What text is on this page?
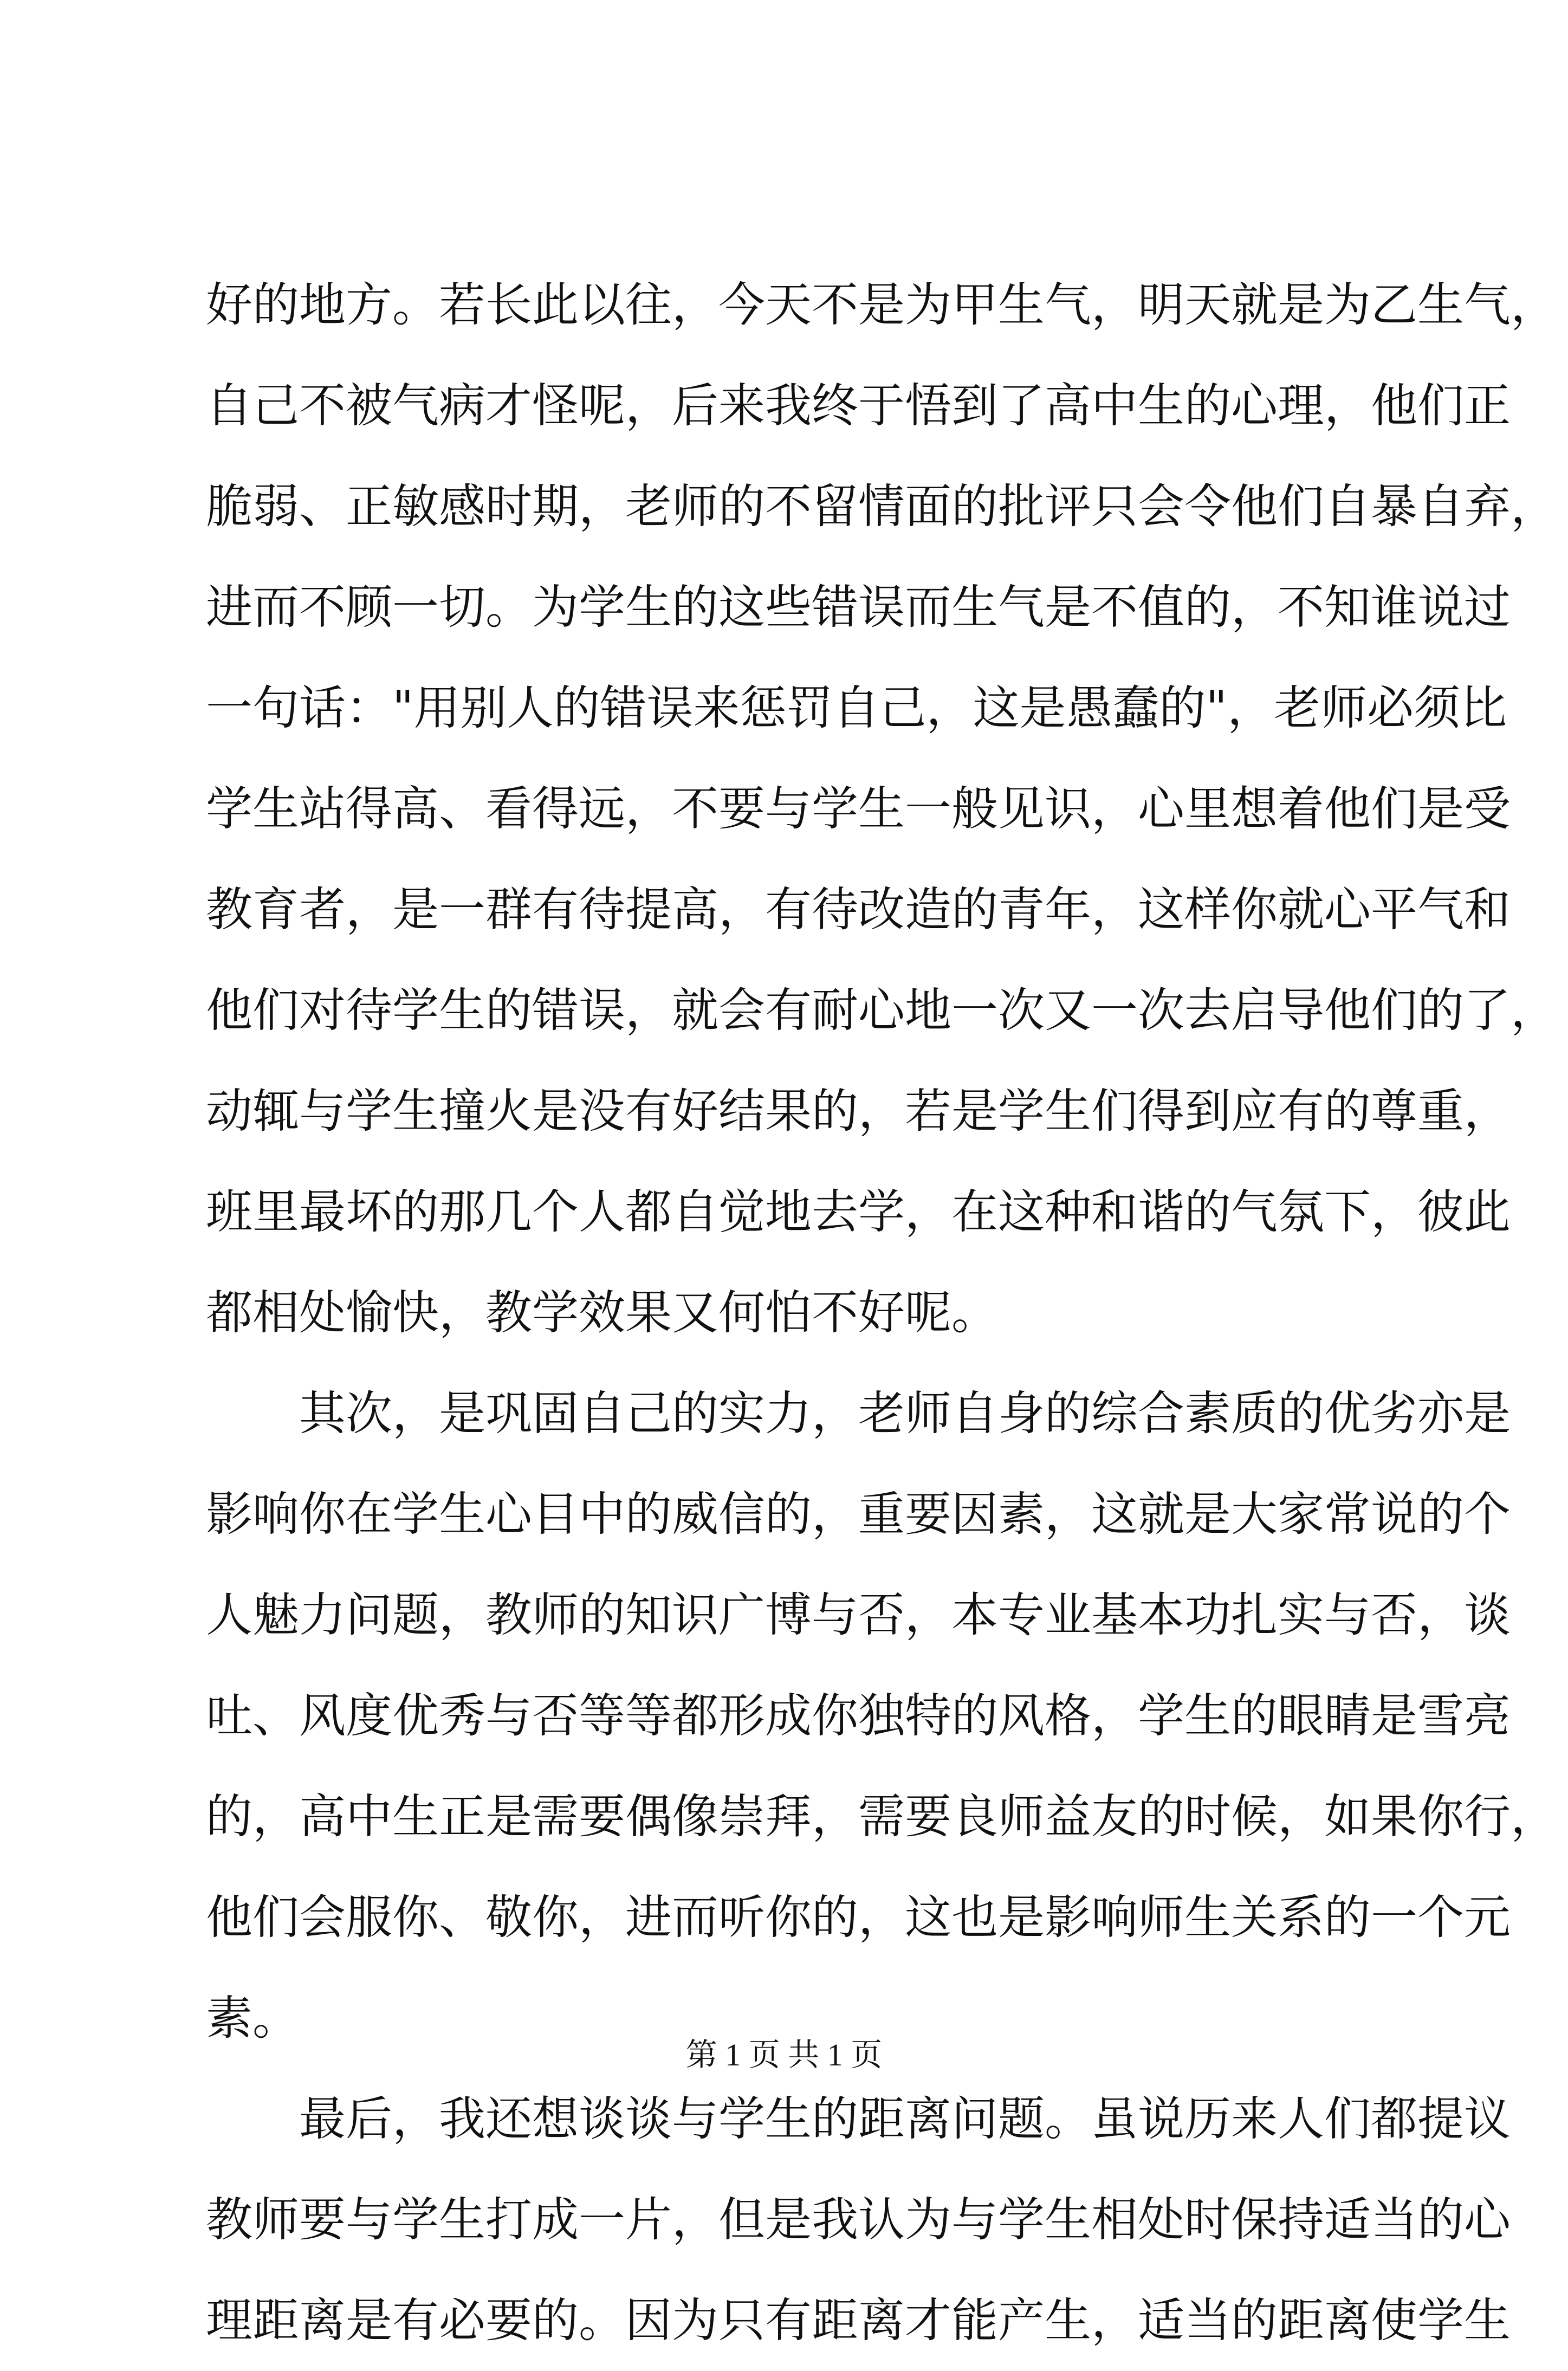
好的地方。若长此以往，今天不是为甲生气，明天就是为乙生气，
自己不被气病才怪呢，后来我终于悟到了高中生的心理，他们正
脆弱、正敏感时期，老师的不留情面的批评只会令他们自暴自弃，
进而不顾一切。为学生的这些错误而生气是不值的，不知谁说过
一句话："用别人的错误来惩罚自己，这是愚蠢的"，老师必须比
学生站得高、看得远，不要与学生一般见识，心里想着他们是受
教育者，是一群有待提高，有待改造的青年，这样你就心平气和
他们对待学生的错误，就会有耐心地一次又一次去启导他们的了，
动辄与学生撞火是没有好结果的，若是学生们得到应有的尊重，
班里最坏的那几个人都自觉地去学，在这种和谐的气氛下，彼此
都相处愉快，教学效果又何怕不好呢。
　　其次，是巩固自己的实力，老师自身的综合素质的优劣亦是
影响你在学生心目中的威信的，重要因素，这就是大家常说的个
人魅力问题，教师的知识广博与否，本专业基本功扎实与否，谈
吐、风度优秀与否等等都形成你独特的风格，学生的眼睛是雪亮
的，高中生正是需要偶像崇拜，需要良师益友的时候，如果你行，
他们会服你、敬你，进而听你的，这也是影响师生关系的一个元
素。
　　最后，我还想谈谈与学生的距离问题。虽说历来人们都提议
教师要与学生打成一片，但是我认为与学生相处时保持适当的心
理距离是有必要的。因为只有距离才能产生，适当的距离使学生
第 1 页 共 1 页
